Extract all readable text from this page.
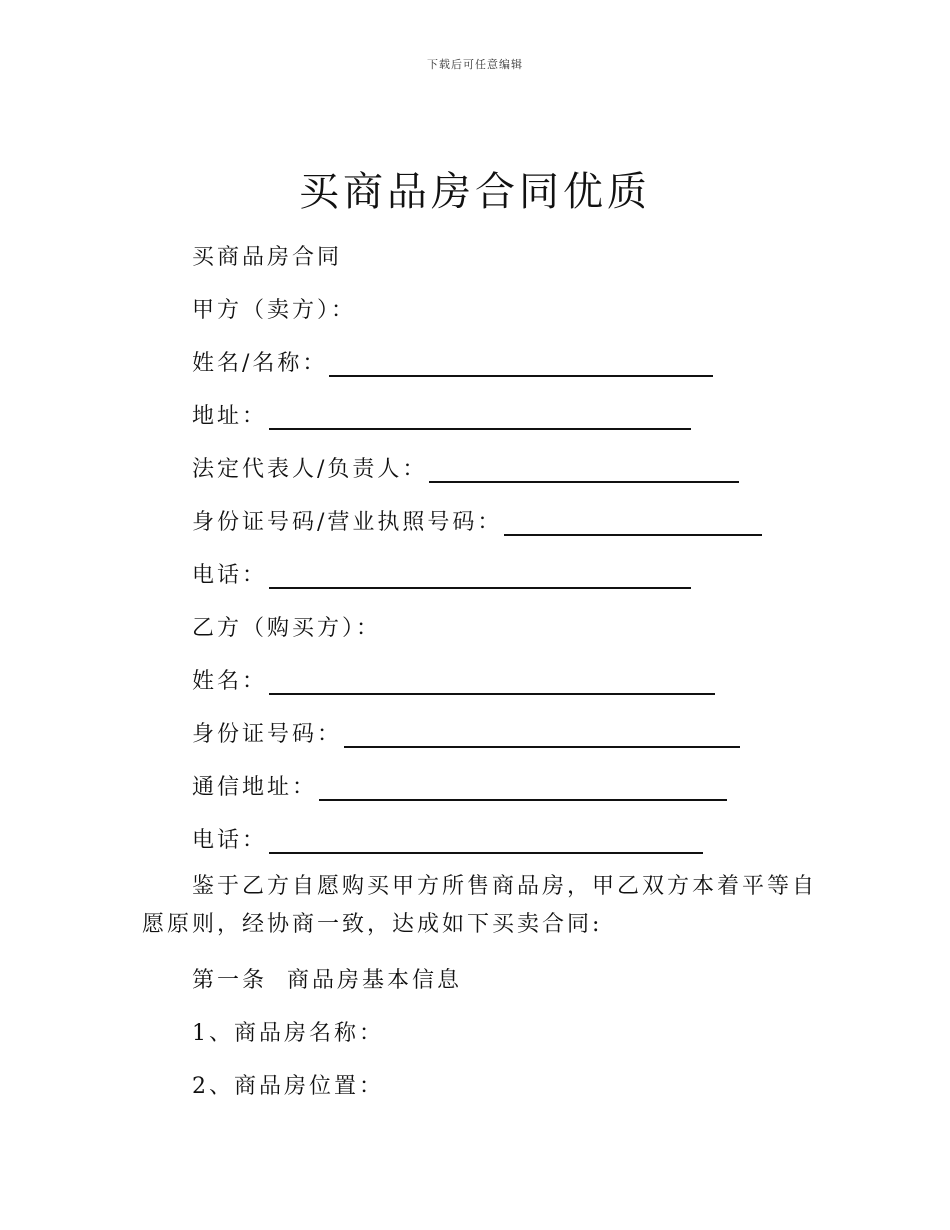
下载后可任意编辑
买商品房合同优质
买商品房合同
甲方（卖方）：
姓名/名称：
地址：
法定代表人/负责人：
身份证号码/营业执照号码：
电话：
乙方（购买方）：
姓名：
身份证号码：
通信地址：
电话：

鉴于乙方自愿购买甲方所售商品房，甲乙双方本着平等自愿原则，经协商一致，达成如下买卖合同:

第一条  商品房基本信息
1、商品房名称：
2、商品房位置：
